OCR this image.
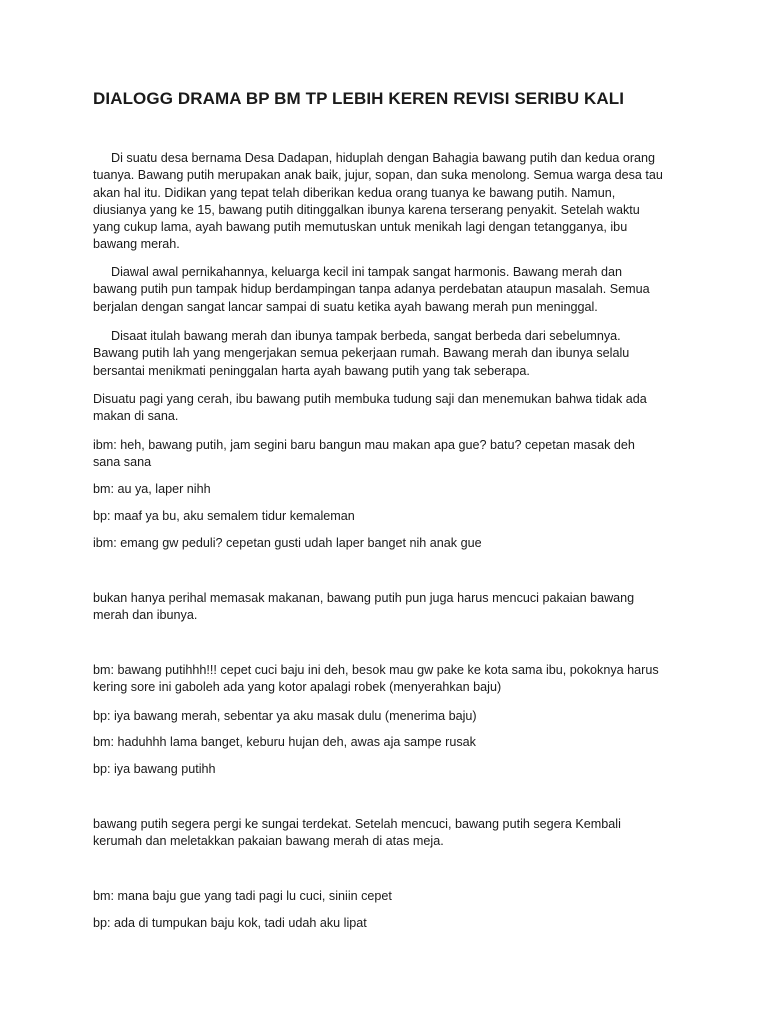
DIALOGG DRAMA BP BM TP LEBIH KEREN REVISI SERIBU KALI

Di suatu desa bernama Desa Dadapan, hiduplah dengan Bahagia bawang putih dan kedua orang
tuanya. Bawang putih merupakan anak baik, jujur, sopan, dan suka menolong. Semua warga desa tau
akan hal itu. Didikan yang tepat telah diberikan kedua orang tuanya ke bawang putih. Namun,
diusianya yang ke 15, bawang putih ditinggalkan ibunya karena terserang penyakit. Setelah waktu
yang cukup lama, ayah bawang putih memutuskan untuk menikah lagi dengan tetangganya, ibu
bawang merah.

Diawal awal pernikahannya, keluarga kecil ini tampak sangat harmonis. Bawang merah dan
bawang putih pun tampak hidup berdampingan tanpa adanya perdebatan ataupun masalah. Semua
berjalan dengan sangat lancar sampai di suatu ketika ayah bawang merah pun meninggal.

Disaat itulah bawang merah dan ibunya tampak berbeda, sangat berbeda dari sebelumnya.
Bawang putih lah yang mengerjakan semua pekerjaan rumah. Bawang merah dan ibunya selalu
bersantai menikmati peninggalan harta ayah bawang putih yang tak seberapa.

Disuatu pagi yang cerah, ibu bawang putih membuka tudung saji dan menemukan bahwa tidak ada
makan di sana.

ibm: heh, bawang putih, jam segini baru bangun mau makan apa gue? batu? cepetan masak deh
sana sana

bm: au ya, laper nihh

bp: maaf ya bu, aku semalem tidur kemaleman

ibm: emang gw peduli? cepetan gusti udah laper banget nih anak gue

bukan hanya perihal memasak makanan, bawang putih pun juga harus mencuci pakaian bawang
merah dan ibunya.

bm: bawang putihhh!!! cepet cuci baju ini deh, besok mau gw pake ke kota sama ibu, pokoknya harus
kering sore ini gaboleh ada yang kotor apalagi robek (menyerahkan baju)

bp: iya bawang merah, sebentar ya aku masak dulu (menerima baju)

bm: haduhhh lama banget, keburu hujan deh, awas aja sampe rusak

bp: iya bawang putihh

bawang putih segera pergi ke sungai terdekat. Setelah mencuci, bawang putih segera Kembali
kerumah dan meletakkan pakaian bawang merah di atas meja.

bm: mana baju gue yang tadi pagi lu cuci, siniin cepet

bp: ada di tumpukan baju kok, tadi udah aku lipat
